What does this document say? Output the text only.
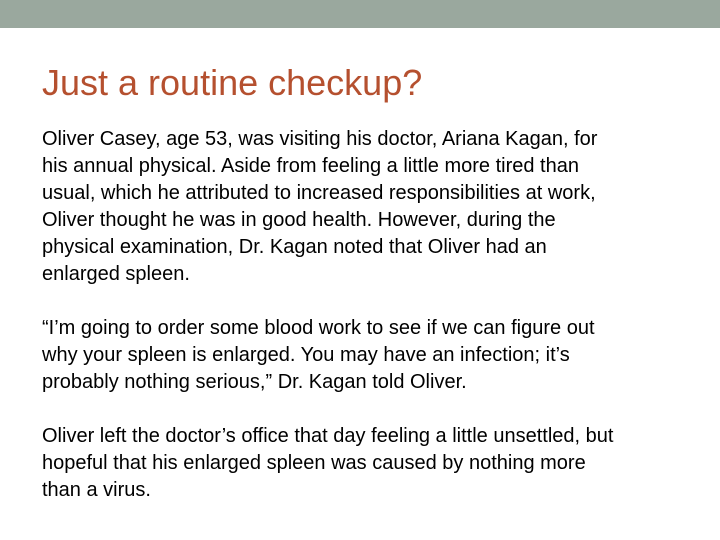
Just a routine checkup?

Oliver Casey, age 53, was visiting his doctor, Ariana Kagan, for
his annual physical. Aside from feeling a little more tired than
usual, which he attributed to increased responsibilities at work,
Oliver thought he was in good health. However, during the
physical examination, Dr. Kagan noted that Oliver had an
enlarged spleen.

“I’m going to order some blood work to see if we can figure out
why your spleen is enlarged. You may have an infection; it’s
probably nothing serious,” Dr. Kagan told Oliver.

Oliver left the doctor’s office that day feeling a little unsettled, but
hopeful that his enlarged spleen was caused by nothing more
than a virus.
